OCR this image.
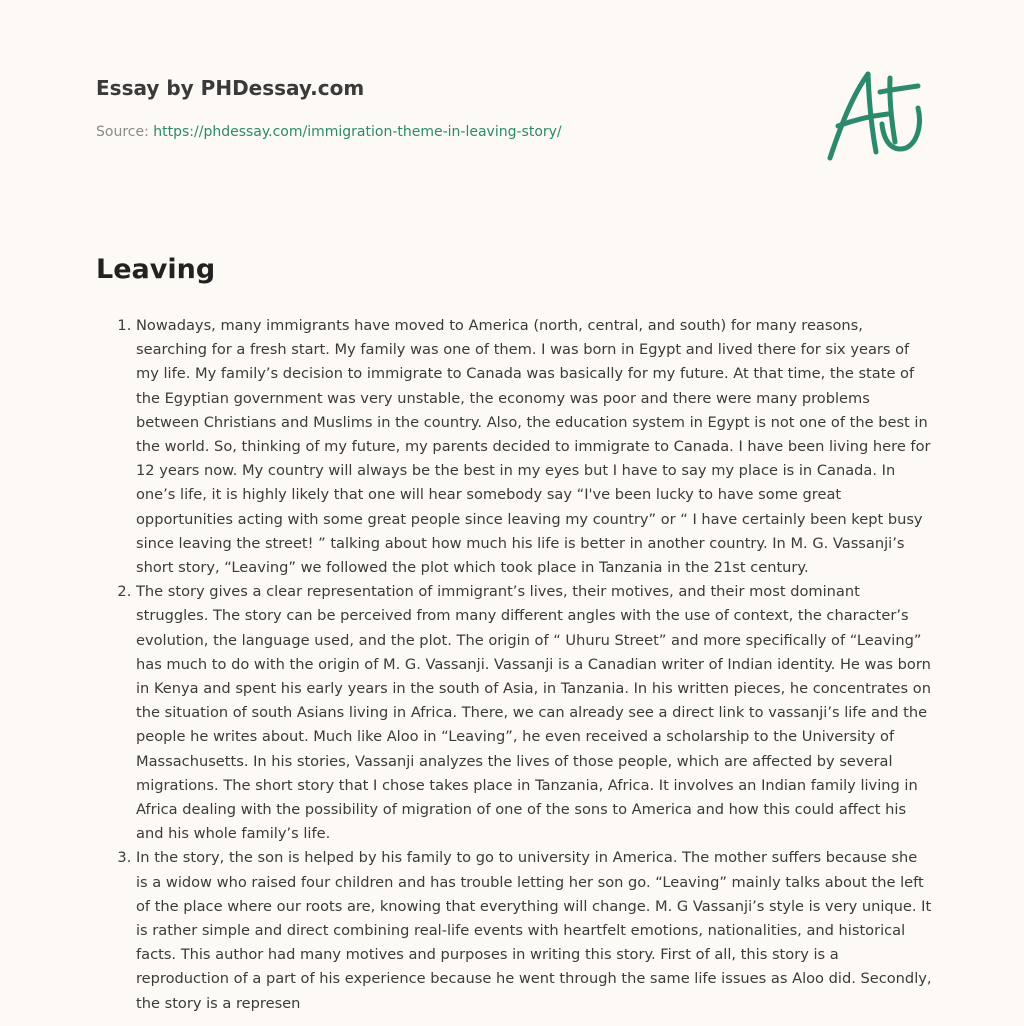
Essay by PHDessay.com
Source: https://phdessay.com/immigration-theme-in-leaving-story/
Leaving
1. Nowadays, many immigrants have moved to America (north, central, and south) for many reasons, searching for a fresh start. My family was one of them. I was born in Egypt and lived there for six years of my life. My family’s decision to immigrate to Canada was basically for my future. At that time, the state of the Egyptian government was very unstable, the economy was poor and there were many problems between Christians and Muslims in the country. Also, the education system in Egypt is not one of the best in the world. So, thinking of my future, my parents decided to immigrate to Canada. I have been living here for 12 years now. My country will always be the best in my eyes but I have to say my place is in Canada. In one’s life, it is highly likely that one will hear somebody say “I've been lucky to have some great opportunities acting with some great people since leaving my country” or “ I have certainly been kept busy since leaving the street! ” talking about how much his life is better in another country. In M. G. Vassanji’s short story, “Leaving” we followed the plot which took place in Tanzania in the 21st century.
2. The story gives a clear representation of immigrant’s lives, their motives, and their most dominant struggles. The story can be perceived from many different angles with the use of context, the character’s evolution, the language used, and the plot. The origin of “ Uhuru Street” and more specifically of “Leaving” has much to do with the origin of M. G. Vassanji. Vassanji is a Canadian writer of Indian identity. He was born in Kenya and spent his early years in the south of Asia, in Tanzania. In his written pieces, he concentrates on the situation of south Asians living in Africa. There, we can already see a direct link to vassanji’s life and the people he writes about. Much like Aloo in “Leaving”, he even received a scholarship to the University of Massachusetts. In his stories, Vassanji analyzes the lives of those people, which are affected by several migrations. The short story that I chose takes place in Tanzania, Africa. It involves an Indian family living in Africa dealing with the possibility of migration of one of the sons to America and how this could affect his and his whole family’s life.
3. In the story, the son is helped by his family to go to university in America. The mother suffers because she is a widow who raised four children and has trouble letting her son go. “Leaving” mainly talks about the left of the place where our roots are, knowing that everything will change. M. G Vassanji’s style is very unique. It is rather simple and direct combining real-life events with heartfelt emotions, nationalities, and historical facts. This author had many motives and purposes in writing this story. First of all, this story is a reproduction of a part of his experience because he went through the same life issues as Aloo did. Secondly, the story is a represen
